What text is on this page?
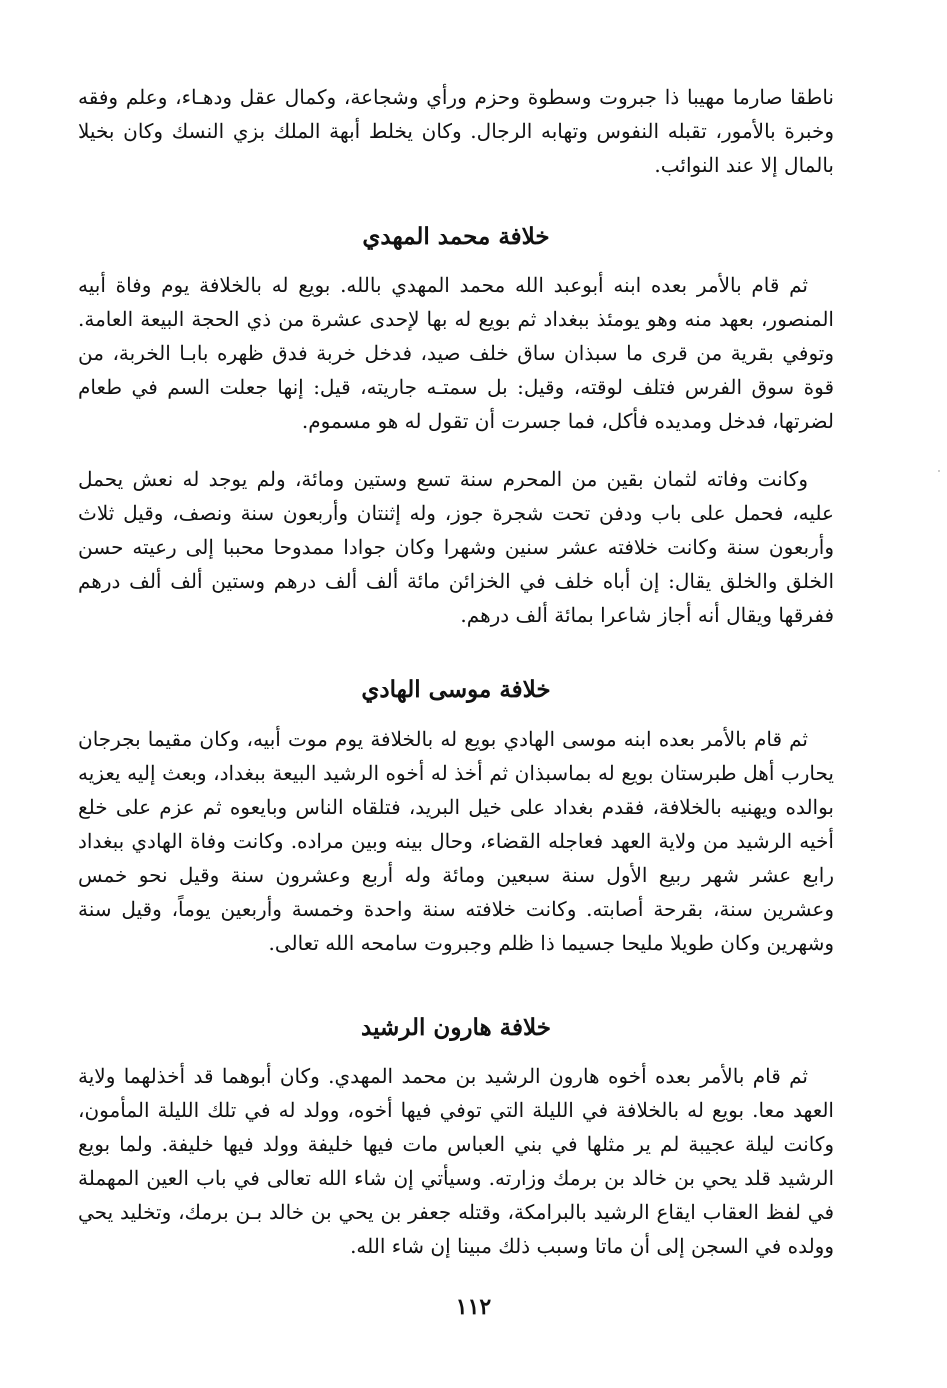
ناطقا صارما مهيبا ذا جبروت وسطوة وحزم ورأي وشجاعة، وكمال عقل ودهـاء، وعلم وفقه وخبرة بالأمور، تقبله النفوس وتهابه الرجال. وكان يخلط أبهة الملك بزي النسك وكان بخيلا بالمال إلا عند النوائب.

خلافة محمد المهدي

ثم قام بالأمر بعده ابنه أبوعبد الله محمد المهدي بالله. بويع له بالخلافة يوم وفاة أبيه المنصور، بعهد منه وهو يومئذ ببغداد ثم بويع له بها لإحدى عشرة من ذي الحجة البيعة العامة. وتوفي بقرية من قرى ما سبذان ساق خلف صيد، فدخل خربة فدق ظهره بابـا الخربة، من قوة سوق الفرس فتلف لوقته، وقيل: بل سمتـه جاريته، قيل: إنها جعلت السم في طعام لضرتها، فدخل ومديده فأكل، فما جسرت أن تقول له هو مسموم.

وكانت وفاته لثمان بقين من المحرم سنة تسع وستين ومائة، ولم يوجد له نعش يحمل عليه، فحمل على باب ودفن تحت شجرة جوز، وله إثنتان وأربعون سنة ونصف، وقيل ثلاث وأربعون سنة وكانت خلافته عشر سنين وشهرا وكان جوادا ممدوحا محببا إلى رعيته حسن الخلق والخلق يقال: إن أباه خلف في الخزائن مائة ألف ألف درهم وستين ألف ألف درهم ففرقها ويقال أنه أجاز شاعرا بمائة ألف درهم.

خلافة موسى الهادي

ثم قام بالأمر بعده ابنه موسى الهادي بويع له بالخلافة يوم موت أبيه، وكان مقيما بجرجان يحارب أهل طبرستان بويع له بماسبذان ثم أخذ له أخوه الرشيد البيعة ببغداد، وبعث إليه يعزيه بوالده ويهنيه بالخلافة، فقدم بغداد على خيل البريد، فتلقاه الناس وبايعوه ثم عزم على خلع أخيه الرشيد من ولاية العهد فعاجله القضاء، وحال بينه وبين مراده. وكانت وفاة الهادي ببغداد رابع عشر شهر ربيع الأول سنة سبعين ومائة وله أربع وعشرون سنة وقيل نحو خمس وعشرين سنة، بقرحة أصابته. وكانت خلافته سنة واحدة وخمسة وأربعين يوماً، وقيل سنة وشهرين وكان طويلا مليحا جسيما ذا ظلم وجبروت سامحه الله تعالى.

خلافة هارون الرشيد

ثم قام بالأمر بعده أخوه هارون الرشيد بن محمد المهدي. وكان أبوهما قد أخذلهما ولاية العهد معا. بويع له بالخلافة في الليلة التي توفي فيها أخوه، وولد له في تلك الليلة المأمون، وكانت ليلة عجيبة لم ير مثلها في بني العباس مات فيها خليفة وولد فيها خليفة. ولما بويع الرشيد قلد يحي بن خالد بن برمك وزارته. وسيأتي إن شاء الله تعالى في باب العين المهملة في لفظ العقاب ايقاع الرشيد بالبرامكة، وقتله جعفر بن يحي بن خالد بـن برمك، وتخليد يحي وولده في السجن إلى أن ماتا وسبب ذلك مبينا إن شاء الله.

١١٢
